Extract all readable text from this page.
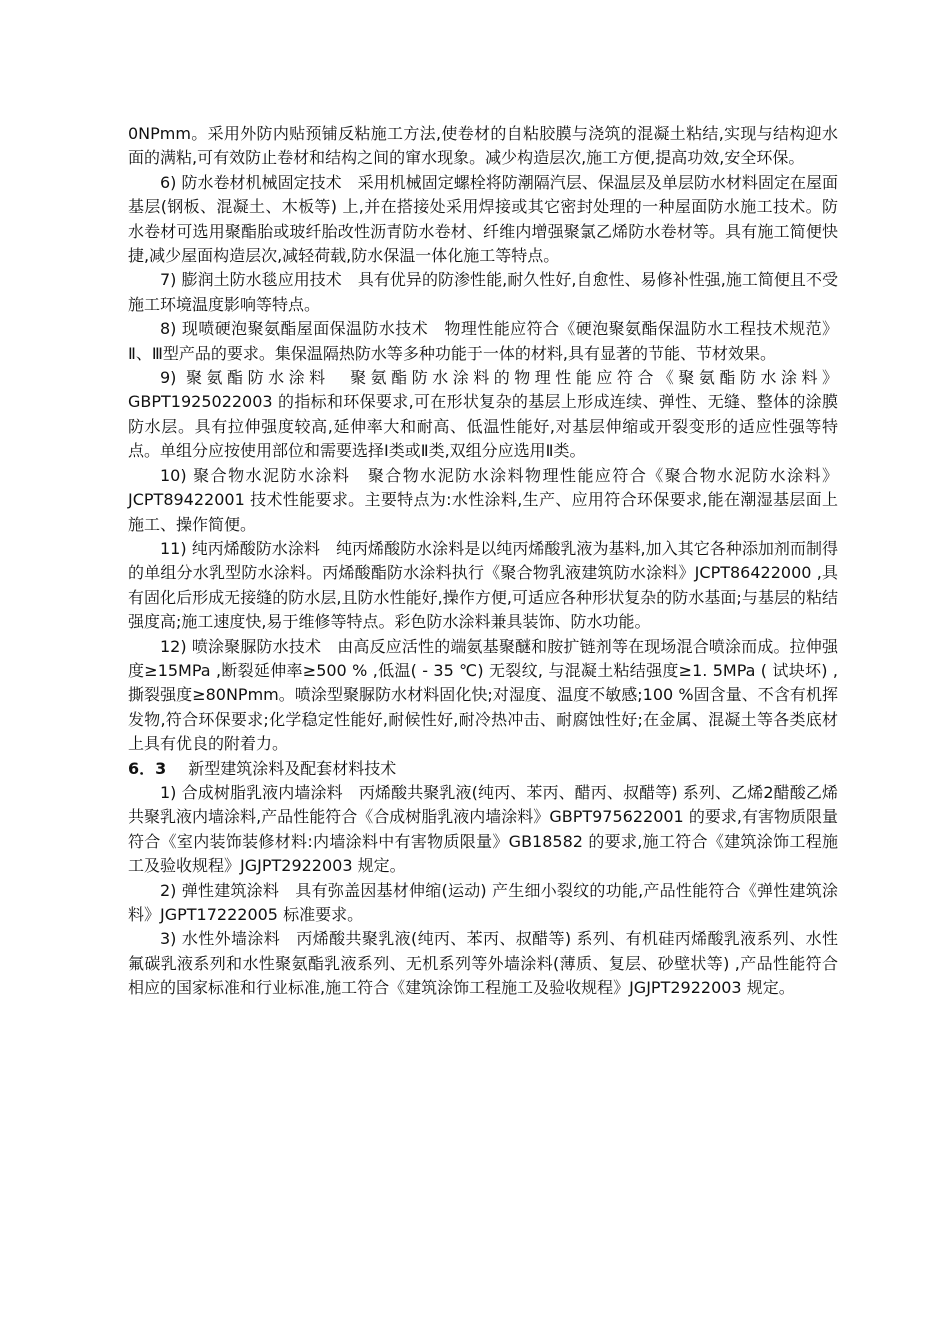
0NPmm。采用外防内贴预铺反粘施工方法,使卷材的自粘胶膜与浇筑的混凝土粘结,实现与结构迎水面的满粘,可有效防止卷材和结构之间的窜水现象。减少构造层次,施工方便,提高功效,安全环保。

6) 防水卷材机械固定技术　采用机械固定螺栓将防潮隔汽层、保温层及单层防水材料固定在屋面基层(钢板、混凝土、木板等) 上,并在搭接处采用焊接或其它密封处理的一种屋面防水施工技术。防水卷材可选用聚酯胎或玻纤胎改性沥青防水卷材、纤维内增强聚氯乙烯防水卷材等。具有施工简便快捷,减少屋面构造层次,减轻荷载,防水保温一体化施工等特点。

7) 膨润土防水毯应用技术　具有优异的防渗性能,耐久性好,自愈性、易修补性强,施工简便且不受施工环境温度影响等特点。

8) 现喷硬泡聚氨酯屋面保温防水技术　物理性能应符合《硬泡聚氨酯保温防水工程技术规范》Ⅱ、Ⅲ型产品的要求。集保温隔热防水等多种功能于一体的材料,具有显著的节能、节材效果。

9) 聚氨酯防水涂料　聚氨酯防水涂料的物理性能应符合《聚氨酯防水涂料》GBPT1925022003 的指标和环保要求,可在形状复杂的基层上形成连续、弹性、无缝、整体的涂膜防水层。具有拉伸强度较高,延伸率大和耐高、低温性能好,对基层伸缩或开裂变形的适应性强等特点。单组分应按使用部位和需要选择Ⅰ类或Ⅱ类,双组分应选用Ⅱ类。

10) 聚合物水泥防水涂料　聚合物水泥防水涂料物理性能应符合《聚合物水泥防水涂料》JCPT89422001 技术性能要求。主要特点为:水性涂料,生产、应用符合环保要求,能在潮湿基层面上施工、操作简便。

11) 纯丙烯酸防水涂料　纯丙烯酸防水涂料是以纯丙烯酸乳液为基料,加入其它各种添加剂而制得的单组分水乳型防水涂料。丙烯酸酯防水涂料执行《聚合物乳液建筑防水涂料》JCPT86422000 ,具有固化后形成无接缝的防水层,且防水性能好,操作方便,可适应各种形状复杂的防水基面;与基层的粘结强度高;施工速度快,易于维修等特点。彩色防水涂料兼具装饰、防水功能。

12) 喷涂聚脲防水技术　由高反应活性的端氨基聚醚和胺扩链剂等在现场混合喷涂而成。拉伸强度≥15MPa ,断裂延伸率≥500 % ,低温( - 35 ℃) 无裂纹, 与混凝土粘结强度≥1. 5MPa ( 试块坏) , 撕裂强度≥80NPmm。喷涂型聚脲防水材料固化快;对湿度、温度不敏感;100 %固含量、不含有机挥发物,符合环保要求;化学稳定性能好,耐候性好,耐冷热冲击、耐腐蚀性好;在金属、混凝土等各类底材上具有优良的附着力。

6．3 新型建筑涂料及配套材料技术

1) 合成树脂乳液内墙涂料　丙烯酸共聚乳液(纯丙、苯丙、醋丙、叔醋等) 系列、乙烯2醋酸乙烯共聚乳液内墙涂料,产品性能符合《合成树脂乳液内墙涂料》GBPT975622001 的要求,有害物质限量符合《室内装饰装修材料:内墙涂料中有害物质限量》GB18582 的要求,施工符合《建筑涂饰工程施工及验收规程》JGJPT2922003 规定。

2) 弹性建筑涂料　具有弥盖因基材伸缩(运动) 产生细小裂纹的功能,产品性能符合《弹性建筑涂料》JGPT17222005 标准要求。

3) 水性外墙涂料　丙烯酸共聚乳液(纯丙、苯丙、叔醋等) 系列、有机硅丙烯酸乳液系列、水性氟碳乳液系列和水性聚氨酯乳液系列、无机系列等外墙涂料(薄质、复层、砂壁状等) ,产品性能符合相应的国家标准和行业标准,施工符合《建筑涂饰工程施工及验收规程》JGJPT2922003 规定。
